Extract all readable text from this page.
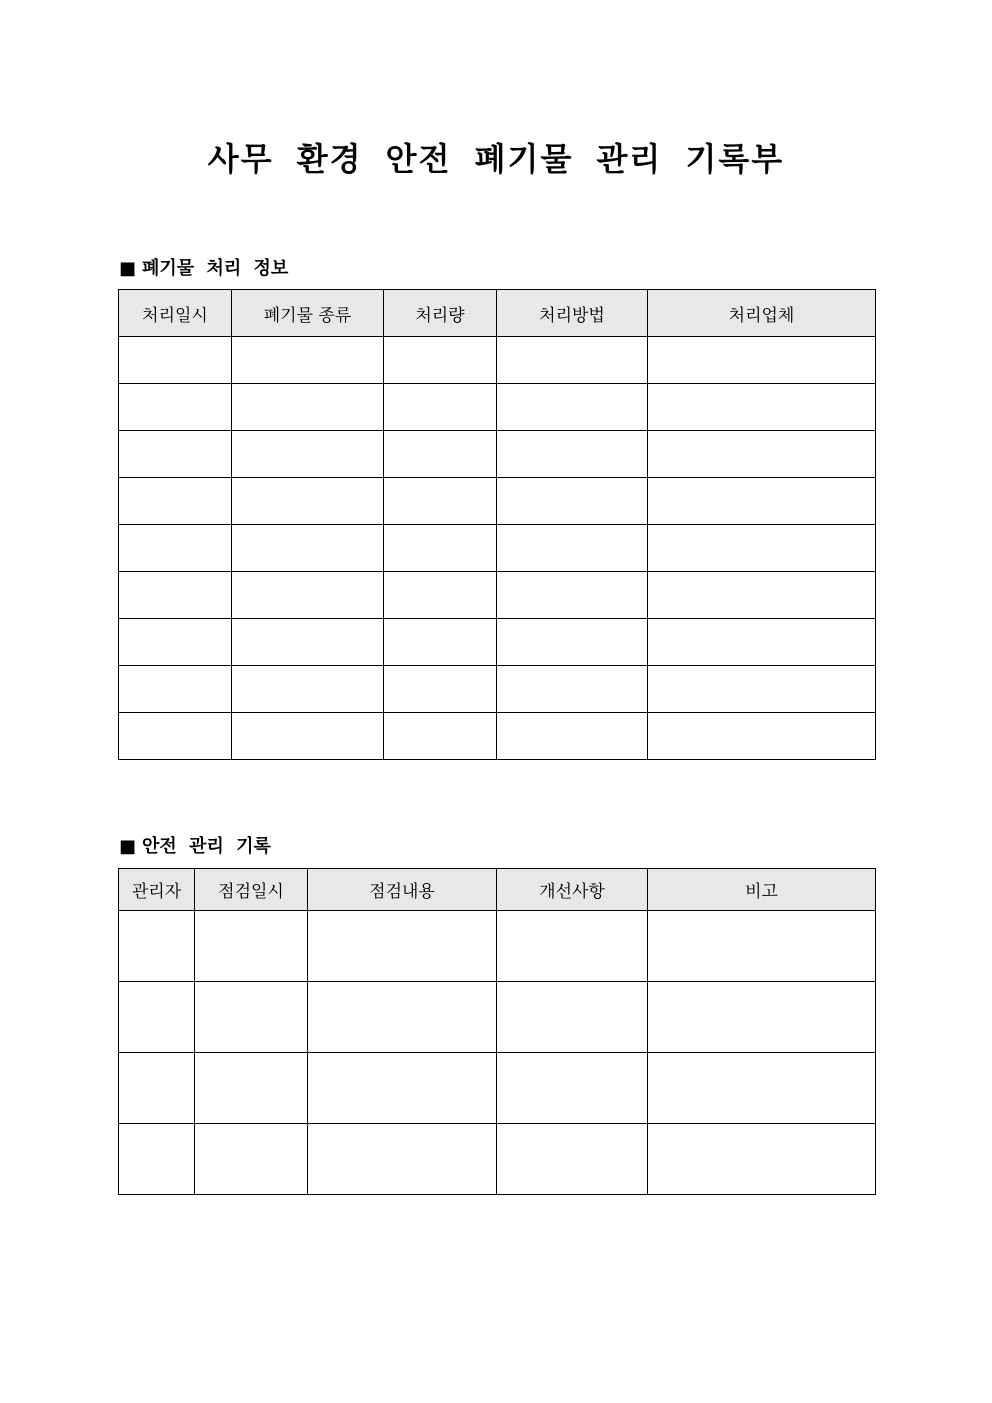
사무 환경 안전 폐기물 관리 기록부
■ 폐기물 처리 정보
처리일시	폐기물 종류	처리량	처리방법	처리업체

■ 안전 관리 기록
관리자	점검일시	점검내용	개선사항	비고
